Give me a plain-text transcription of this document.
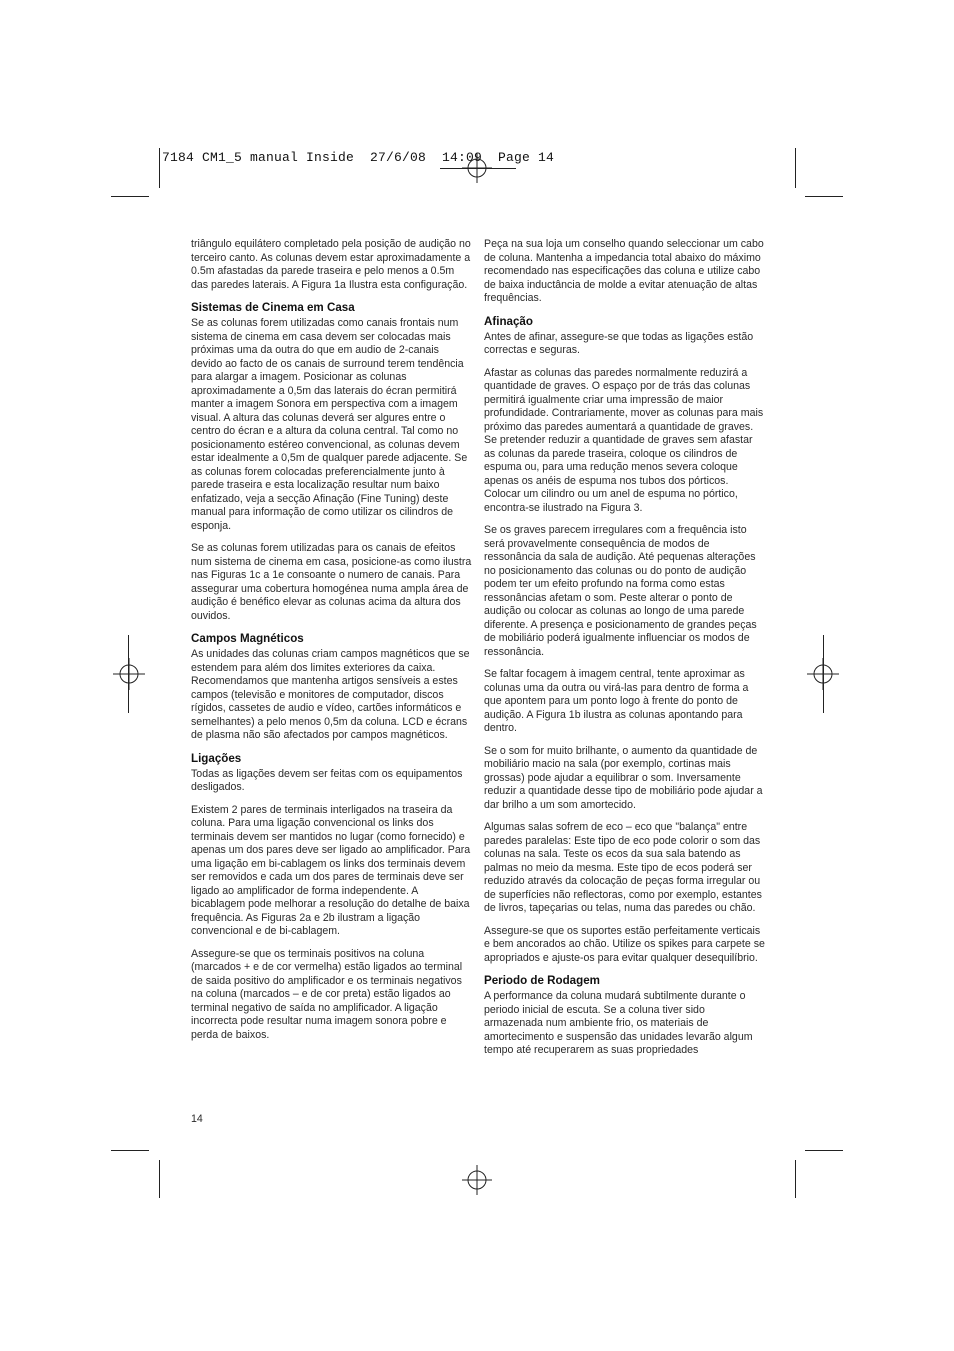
7184 CM1_5 manual Inside  27/6/08  14:09  Page 14

triângulo equilátero completado pela posição de audição no terceiro canto. As colunas devem estar aproximadamente a 0.5m afastadas da parede traseira e pelo menos a 0.5m das paredes laterais. A Figura 1a Ilustra esta configuração.

Sistemas de Cinema em Casa

Se as colunas forem utilizadas como canais frontais num sistema de cinema em casa devem ser colocadas mais próximas uma da outra do que em audio de 2-canais devido ao facto de os canais de surround terem tendência para alargar a imagem. Posicionar as colunas aproximadamente a 0,5m das laterais do écran permitirá manter a imagem Sonora em perspectiva com a imagem visual. A altura das colunas deverá ser algures entre o centro do écran e a altura da coluna central. Tal como no posicionamento estéreo convencional, as colunas devem estar idealmente a 0,5m de qualquer parede adjacente. Se as colunas forem colocadas preferencialmente junto à parede traseira e esta localização resultar num baixo enfatizado, veja a secção Afinação (Fine Tuning) deste manual para informação de como utilizar os cilindros de esponja.

Se as colunas forem utilizadas para os canais de efeitos num sistema de cinema em casa, posicione-as como ilustra nas Figuras 1c a 1e consoante o numero de canais. Para assegurar uma cobertura homogénea numa ampla área de audição é benéfico elevar as colunas acima da altura dos ouvidos.

Campos Magnéticos

As unidades das colunas criam campos magnéticos que se estendem para além dos limites exteriores da caixa. Recomendamos que mantenha artigos sensíveis a estes campos (televisão e monitores de computador, discos rígidos, cassetes de audio e vídeo, cartões informáticos e semelhantes) a pelo menos 0,5m da coluna. LCD e écrans de plasma não são afectados por campos magnéticos.

Ligações

Todas as ligações devem ser feitas com os equipamentos desligados.

Existem 2 pares de terminais interligados na traseira da coluna. Para uma ligação convencional os links dos terminais devem ser mantidos no lugar (como fornecido) e apenas um dos pares deve ser ligado ao amplificador. Para uma ligação em bi-cablagem os links dos terminais devem ser removidos e cada um dos pares de terminais deve ser ligado ao amplificador de forma independente. A bicablagem pode melhorar a resolução do detalhe de baixa frequência. As Figuras 2a e 2b ilustram a ligação convencional e de bi-cablagem.

Assegure-se que os terminais positivos na coluna (marcados + e de cor vermelha) estão ligados ao terminal de saida positivo do amplificador e os terminais negativos na coluna (marcados – e de cor preta) estão ligados ao terminal negativo de saída no amplificador. A ligação incorrecta pode resultar numa imagem sonora pobre e perda de baixos.

Peça na sua loja um conselho quando seleccionar um cabo de coluna. Mantenha a impedancia total abaixo do máximo recomendado nas especificações das coluna e utilize cabo de baixa inductância de molde a evitar atenuação de altas frequências.

Afinação

Antes de afinar, assegure-se que todas as ligações estão correctas e seguras.

Afastar as colunas das paredes normalmente reduzirá a quantidade de graves. O espaço por de trás das colunas permitirá igualmente criar uma impressão de maior profundidade. Contrariamente, mover as colunas para mais próximo das paredes aumentará a quantidade de graves. Se pretender reduzir a quantidade de graves sem afastar as colunas da parede traseira, coloque os cilindros de espuma ou, para uma redução menos severa coloque apenas os anéis de espuma nos tubos dos pórticos. Colocar um cilindro ou um anel de espuma no pórtico, encontra-se ilustrado na Figura 3.

Se os graves parecem irregulares com a frequência isto será provavelmente consequência de modos de ressonância da sala de audição. Até pequenas alterações no posicionamento das colunas ou do ponto de audição podem ter um efeito profundo na forma como estas ressonâncias afetam o som. Peste alterar o ponto de audição ou colocar as colunas ao longo de uma parede diferente. A presença e posicionamento de grandes peças de mobiliário poderá igualmente influenciar os modos de ressonância.

Se faltar focagem à imagem central, tente aproximar as colunas uma da outra ou virá-las para dentro de forma a que apontem para um ponto logo à frente do ponto de audição. A Figura 1b ilustra as colunas apontando para dentro.

Se o som for muito brilhante, o aumento da quantidade de mobiliário macio na sala (por exemplo, cortinas mais grossas) pode ajudar a equilibrar o som. Inversamente reduzir a quantidade desse tipo de mobiliário pode ajudar a dar brilho a um som amortecido.

Algumas salas sofrem de eco – eco que "balança" entre paredes paralelas: Este tipo de eco pode colorir o som das colunas na sala. Teste os ecos da sua sala batendo as palmas no meio da mesma. Este tipo de ecos poderá ser reduzido através da colocação de peças forma irregular ou de superfícies não reflectoras, como por exemplo, estantes de livros, tapeçarias ou telas, numa das paredes ou chão.

Assegure-se que os suportes estão perfeitamente verticais e bem ancorados ao chão. Utilize os spikes para carpete se apropriados e ajuste-os para evitar qualquer desequilíbrio.

Periodo de Rodagem

A performance da coluna mudará subtilmente durante o periodo inicial de escuta. Se a coluna tiver sido armazenada num ambiente frio, os materiais de amortecimento e suspensão das unidades levarão algum tempo até recuperarem as suas propriedades

14
